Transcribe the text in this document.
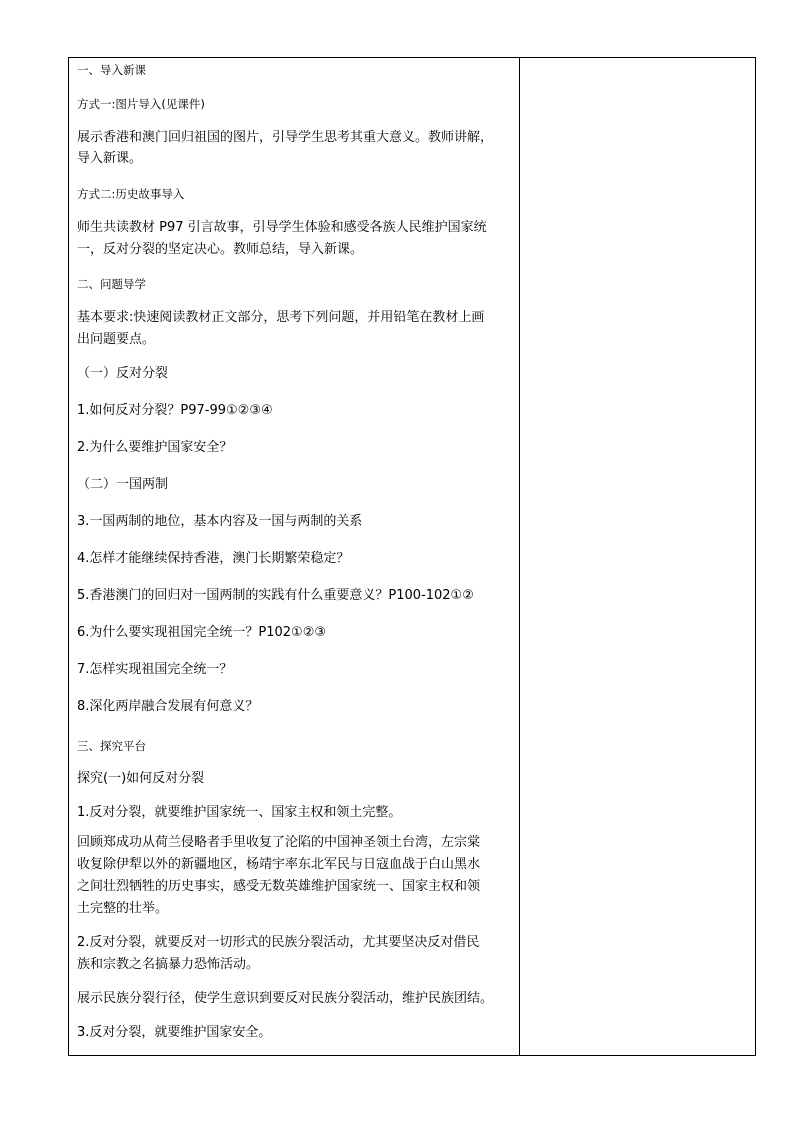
一、导入新课
方式一:图片导入(见课件)
展示香港和澳门回归祖国的图片，引导学生思考其重大意义。教师讲解，
导入新课。
方式二:历史故事导入
师生共读教材 P97 引言故事，引导学生体验和感受各族人民维护国家统
一，反对分裂的坚定决心。教师总结，导入新课。
二、问题导学
基本要求:快速阅读教材正文部分，思考下列问题，并用铅笔在教材上画
出问题要点。
（一）反对分裂
1.如何反对分裂？P97-99①②③④
2.为什么要维护国家安全？
（二）一国两制
3.一国两制的地位，基本内容及一国与两制的关系
4.怎样才能继续保持香港，澳门长期繁荣稳定？
5.香港澳门的回归对一国两制的实践有什么重要意义？P100-102①②
6.为什么要实现祖国完全统一？P102①②③
7.怎样实现祖国完全统一？
8.深化两岸融合发展有何意义？
三、探究平台
探究(一)如何反对分裂
1.反对分裂，就要维护国家统一、国家主权和领土完整。
回顾郑成功从荷兰侵略者手里收复了沦陷的中国神圣领土台湾，左宗棠
收复除伊犁以外的新疆地区，杨靖宇率东北军民与日寇血战于白山黑水
之间壮烈牺牲的历史事实，感受无数英雄维护国家统一、国家主权和领
土完整的壮举。
2.反对分裂，就要反对一切形式的民族分裂活动，尤其要坚决反对借民
族和宗教之名搞暴力恐怖活动。
展示民族分裂行径，使学生意识到要反对民族分裂活动，维护民族团结。
3.反对分裂，就要维护国家安全。
